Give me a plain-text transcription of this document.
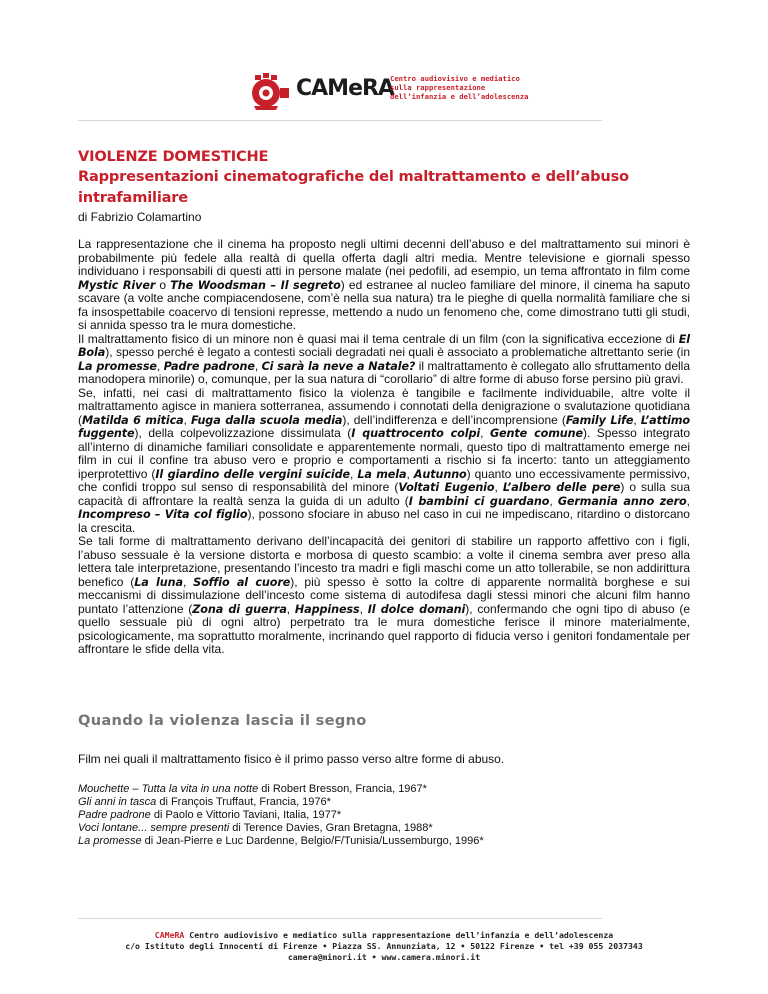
CAMeRA
Centro audiovisivo e mediatico
sulla rappresentazione
dell’infanzia e dell’adolescenza
VIOLENZE DOMESTICHE
Rappresentazioni cinematografiche del maltrattamento e dell’abuso intrafamiliare

di Fabrizio Colamartino

La rappresentazione che il cinema ha proposto negli ultimi decenni dell’abuso e del maltrattamento sui minori è probabilmente più fedele alla realtà di quella offerta dagli altri media. Mentre televisione e giornali spesso individuano i responsabili di questi atti in persone malate (nei pedofili, ad esempio, un tema affrontato in film come Mystic River o The Woodsman – Il segreto) ed estranee al nucleo familiare del minore, il cinema ha saputo scavare (a volte anche compiacendosene, com’è nella sua natura) tra le pieghe di quella normalità familiare che si fa insospettabile coacervo di tensioni represse, mettendo a nudo un fenomeno che, come dimostrano tutti gli studi, si annida spesso tra le mura domestiche.

Il maltrattamento fisico di un minore non è quasi mai il tema centrale di un film (con la significativa eccezione di El Bola), spesso perché è legato a contesti sociali degradati nei quali è associato a problematiche altrettanto serie (in La promesse, Padre padrone, Ci sarà la neve a Natale? il maltrattamento è collegato allo sfruttamento della manodopera minorile) o, comunque, per la sua natura di “corollario” di altre forme di abuso forse persino più gravi.

Se, infatti, nei casi di maltrattamento fisico la violenza è tangibile e facilmente individuabile, altre volte il maltrattamento agisce in maniera sotterranea, assumendo i connotati della denigrazione o svalutazione quotidiana (Matilda 6 mitica, Fuga dalla scuola media), dell’indifferenza e dell’incomprensione (Family Life, L’attimo fuggente), della colpevolizzazione dissimulata (I quattrocento colpi, Gente comune). Spesso integrato all’interno di dinamiche familiari consolidate e apparentemente normali, questo tipo di maltrattamento emerge nei film in cui il confine tra abuso vero e proprio e comportamenti a rischio si fa incerto: tanto un atteggiamento iperprotettivo (Il giardino delle vergini suicide, La mela, Autunno) quanto uno eccessivamente permissivo, che confidi troppo sul senso di responsabilità del minore (Voltati Eugenio, L’albero delle pere) o sulla sua capacità di affrontare la realtà senza la guida di un adulto (I bambini ci guardano, Germania anno zero, Incompreso – Vita col figlio), possono sfociare in abuso nel caso in cui ne impediscano, ritardino o distorcano la crescita.

Se tali forme di maltrattamento derivano dell’incapacità dei genitori di stabilire un rapporto affettivo con i figli, l’abuso sessuale è la versione distorta e morbosa di questo scambio: a volte il cinema sembra aver preso alla lettera tale interpretazione, presentando l’incesto tra madri e figli maschi come un atto tollerabile, se non addirittura benefico (La luna, Soffio al cuore), più spesso è sotto la coltre di apparente normalità borghese e sui meccanismi di dissimulazione dell’incesto come sistema di autodifesa dagli stessi minori che alcuni film hanno puntato l’attenzione (Zona di guerra, Happiness, Il dolce domani), confermando che ogni tipo di abuso (e quello sessuale più di ogni altro) perpetrato tra le mura domestiche ferisce il minore materialmente, psicologicamente, ma soprattutto moralmente, incrinando quel rapporto di fiducia verso i genitori fondamentale per affrontare le sfide della vita.

Quando la violenza lascia il segno

Film nei quali il maltrattamento fisico è il primo passo verso altre forme di abuso.

Mouchette – Tutta la vita in una notte di Robert Bresson, Francia, 1967*
Gli anni in tasca di François Truffaut, Francia, 1976*
Padre padrone di Paolo e Vittorio Taviani, Italia, 1977*
Voci lontane... sempre presenti di Terence Davies, Gran Bretagna, 1988*
La promesse di Jean-Pierre e Luc Dardenne, Belgio/F/Tunisia/Lussemburgo, 1996*
CAMeRA Centro audiovisivo e mediatico sulla rappresentazione dell’infanzia e dell’adolescenza
c/o Istituto degli Innocenti di Firenze • Piazza SS. Annunziata, 12 • 50122 Firenze • tel +39 055 2037343
camera@minori.it • www.camera.minori.it
